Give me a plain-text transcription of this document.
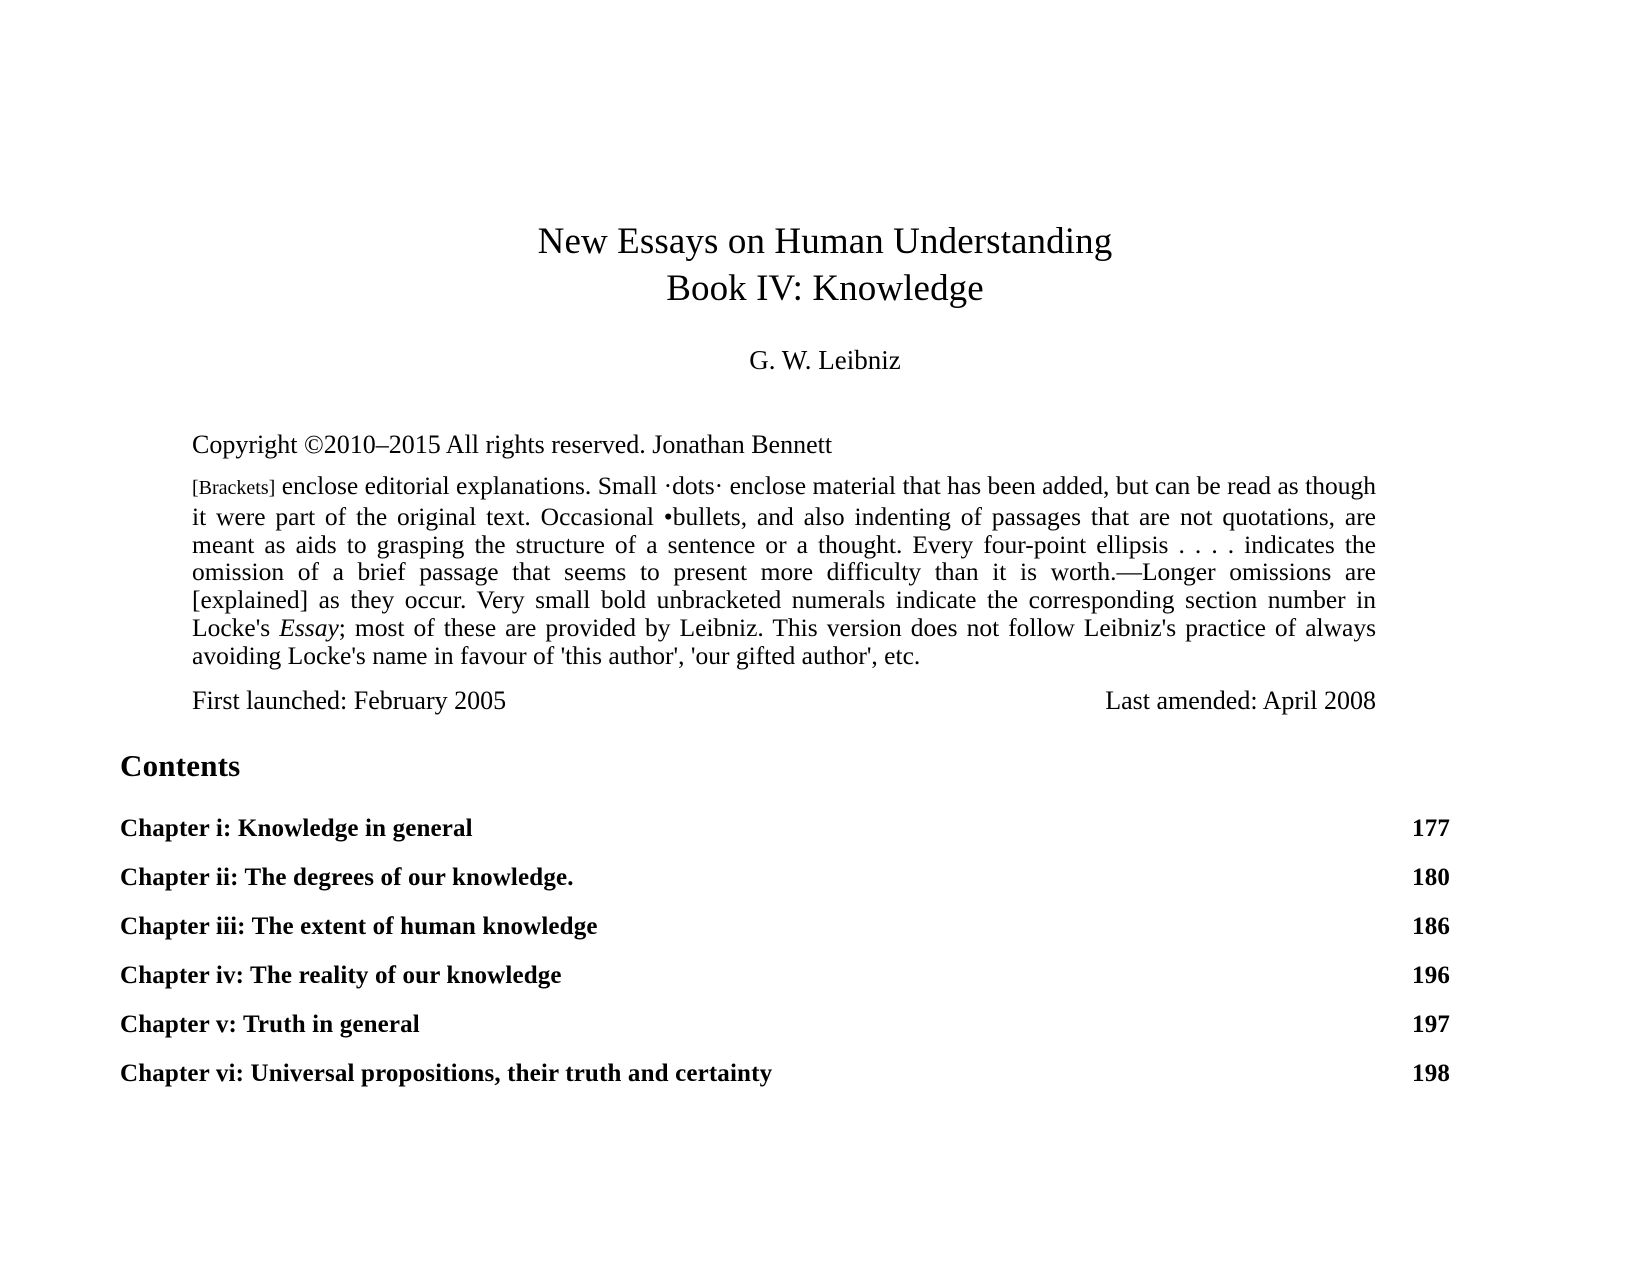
New Essays on Human Understanding
Book IV: Knowledge
G. W. Leibniz
Copyright ©2010–2015 All rights reserved. Jonathan Bennett
[Brackets] enclose editorial explanations. Small ·dots· enclose material that has been added, but can be read as though it were part of the original text. Occasional •bullets, and also indenting of passages that are not quotations, are meant as aids to grasping the structure of a sentence or a thought. Every four-point ellipsis . . . . indicates the omission of a brief passage that seems to present more difficulty than it is worth.—Longer omissions are [explained] as they occur. Very small bold unbracketed numerals indicate the corresponding section number in Locke's Essay; most of these are provided by Leibniz. This version does not follow Leibniz's practice of always avoiding Locke's name in favour of 'this author', 'our gifted author', etc.
First launched: February 2005	Last amended: April 2008
Contents
Chapter i: Knowledge in general	177
Chapter ii: The degrees of our knowledge.	180
Chapter iii: The extent of human knowledge	186
Chapter iv: The reality of our knowledge	196
Chapter v: Truth in general	197
Chapter vi: Universal propositions, their truth and certainty	198
